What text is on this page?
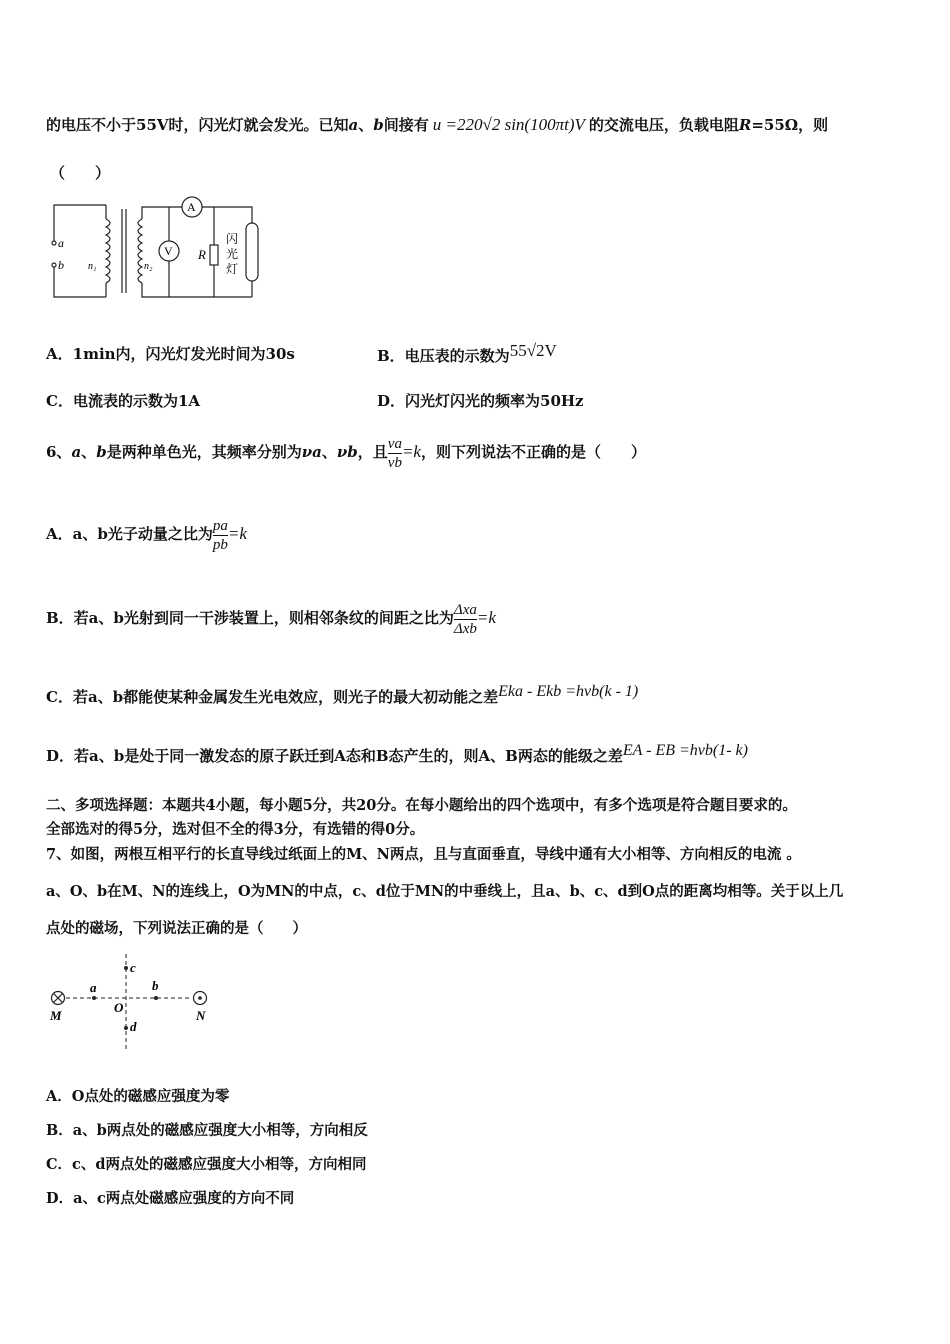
的电压不小于55V时，闪光灯就会发光。已知a、b间接有 u =220√2 sin(100πt)V 的交流电压，负载电阻R=55Ω，则
（　　）
a
b n₁	n₂
A
V R
闪
光
灯
A．1min内，闪光灯发光时间为30s	B．电压表的示数为55√2V
C．电流表的示数为1A	D．闪光灯闪光的频率为50Hz
6、a、b是两种单色光，其频率分别为νa、νb，且 $\frac{\nu a}{\nu b} =k$，则下列说法不正确的是（　　）
A．a、b光子动量之比为 $\frac{pa}{pb} =k$
B．若a、b光射到同一干涉装置上，则相邻条纹的间距之比为 $\frac{\text{Δxa}}{\text{Δxb}} =k$
C．若a、b都能使某种金属发生光电效应，则光子的最大初动能之差Eka - Ekb =hνb(k - 1)
D．若a、b是处于同一激发态的原子跃迁到A态和B态产生的，则A、B两态的能级之差EA - EB =hνb(1- k)
二、多项选择题：本题共4小题，每小题5分，共20分。在每小题给出的四个选项中，有多个选项是符合题目要求的。
全部选对的得5分，选对但不全的得3分，有选错的得0分。
7、如图，两根互相平行的长直导线过纸面上的M、N两点，且与直面垂直，导线中通有大小相等、方向相反的电流 。
a、O、b在M、N的连线上，O为MN的中点，c、d位于MN的中垂线上，且a、b、c、d到O点的距离均相等。关于以上几
点处的磁场，下列说法正确的是（　　）
M	N
a	b
c
d
O
A．O点处的磁感应强度为零
B．a、b两点处的磁感应强度大小相等，方向相反
C．c、d两点处的磁感应强度大小相等，方向相同
D．a、c两点处磁感应强度的方向不同
